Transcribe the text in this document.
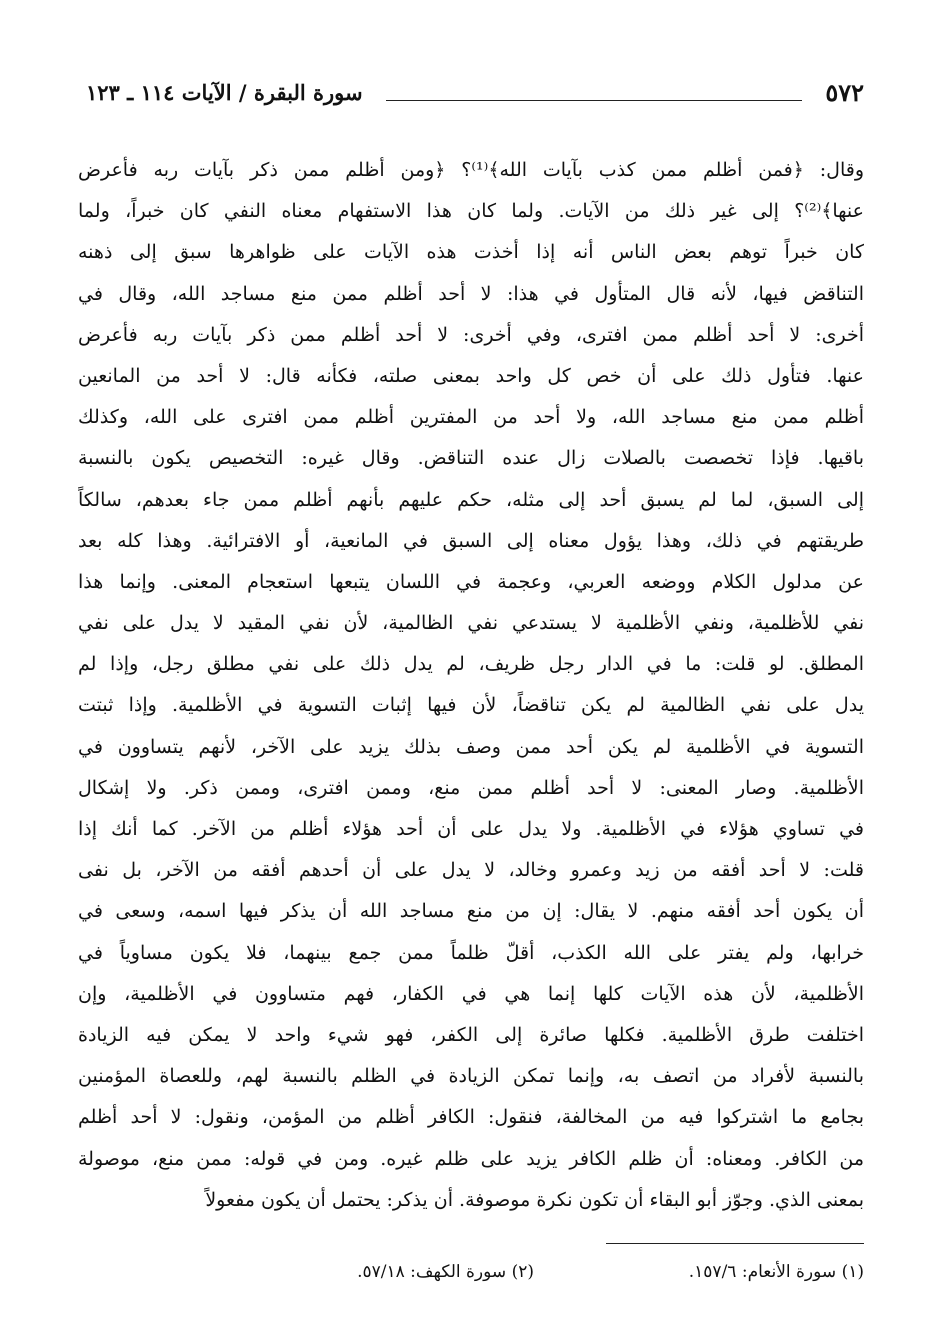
٥٧٢
سورة البقرة / الآيات ١١٤ ـ ١٢٣
وقال: ﴿فمن أظلم ممن كذب بآيات الله﴾⁽¹⁾؟ ﴿ومن أظلم ممن ذكر بآيات ربه فأعرض
عنها﴾⁽²⁾؟ إلى غير ذلك من الآيات. ولما كان هذا الاستفهام معناه النفي كان خبراً، ولما
كان خبراً توهم بعض الناس أنه إذا أخذت هذه الآيات على ظواهرها سبق إلى ذهنه
التناقض فيها، لأنه قال المتأول في هذا: لا أحد أظلم ممن منع مساجد الله، وقال في
أخرى: لا أحد أظلم ممن افترى، وفي أخرى: لا أحد أظلم ممن ذكر بآيات ربه فأعرض
عنها. فتأول ذلك على أن خص كل واحد بمعنى صلته، فكأنه قال: لا أحد من المانعين
أظلم ممن منع مساجد الله، ولا أحد من المفترين أظلم ممن افترى على الله، وكذلك
باقيها. فإذا تخصصت بالصلات زال عنده التناقض. وقال غيره: التخصيص يكون بالنسبة
إلى السبق، لما لم يسبق أحد إلى مثله، حكم عليهم بأنهم أظلم ممن جاء بعدهم، سالكاً
طريقتهم في ذلك، وهذا يؤول معناه إلى السبق في المانعية، أو الافترائية. وهذا كله بعد
عن مدلول الكلام ووضعه العربي، وعجمة في اللسان يتبعها استعجام المعنى. وإنما هذا
نفي للأظلمية، ونفي الأظلمية لا يستدعي نفي الظالمية، لأن نفي المقيد لا يدل على نفي
المطلق. لو قلت: ما في الدار رجل ظريف، لم يدل ذلك على نفي مطلق رجل، وإذا لم
يدل على نفي الظالمية لم يكن تناقضاً، لأن فيها إثبات التسوية في الأظلمية. وإذا ثبتت
التسوية في الأظلمية لم يكن أحد ممن وصف بذلك يزيد على الآخر، لأنهم يتساوون في
الأظلمية. وصار المعنى: لا أحد أظلم ممن منع، وممن افترى، وممن ذكر. ولا إشكال
في تساوي هؤلاء في الأظلمية. ولا يدل على أن أحد هؤلاء أظلم من الآخر. كما أنك إذا
قلت: لا أحد أفقه من زيد وعمرو وخالد، لا يدل على أن أحدهم أفقه من الآخر، بل نفى
أن يكون أحد أفقه منهم. لا يقال: إن من منع مساجد الله أن يذكر فيها اسمه، وسعى في
خرابها، ولم يفتر على الله الكذب، أقلّ ظلماً ممن جمع بينهما، فلا يكون مساوياً في
الأظلمية، لأن هذه الآيات كلها إنما هي في الكفار، فهم متساوون في الأظلمية، وإن
اختلفت طرق الأظلمية. فكلها صائرة إلى الكفر، فهو شيء واحد لا يمكن فيه الزيادة
بالنسبة لأفراد من اتصف به، وإنما تمكن الزيادة في الظلم بالنسبة لهم، وللعصاة المؤمنين
بجامع ما اشتركوا فيه من المخالفة، فنقول: الكافر أظلم من المؤمن، ونقول: لا أحد أظلم
من الكافر. ومعناه: أن ظلم الكافر يزيد على ظلم غيره. ومن في قوله: ممن منع، موصولة
بمعنى الذي. وجوّز أبو البقاء أن تكون نكرة موصوفة. أن يذكر: يحتمل أن يكون مفعولاً
(١) سورة الأنعام: ١٥٧/٦.
(٢) سورة الكهف: ٥٧/١٨.
